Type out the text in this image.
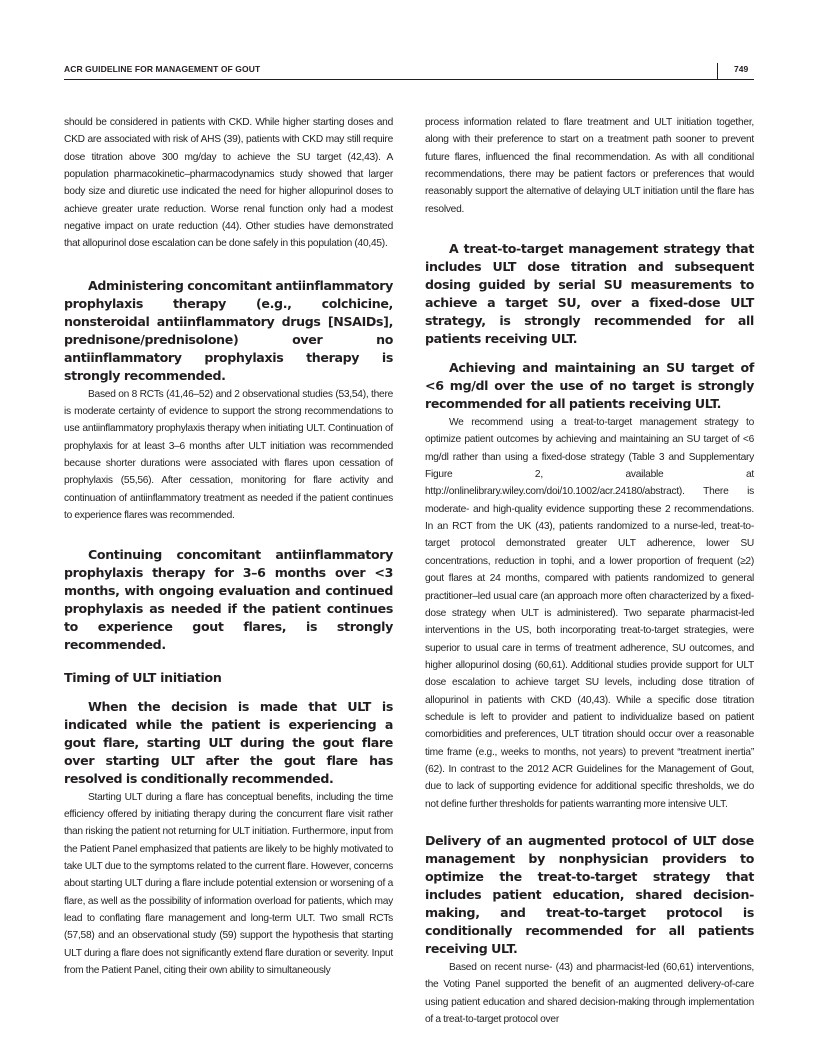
ACR GUIDELINE FOR MANAGEMENT OF GOUT	749

should be considered in patients with CKD. While higher starting doses and CKD are associated with risk of AHS (39), patients with CKD may still require dose titration above 300 mg/day to achieve the SU target (42,43). A population pharmacokinetic–pharmacodynamics study showed that larger body size and diuretic use indicated the need for higher allopurinol doses to achieve greater urate reduction. Worse renal function only had a modest negative impact on urate reduction (44). Other studies have demonstrated that allopurinol dose escalation can be done safely in this population (40,45).

Administering concomitant antiinflammatory prophylaxis therapy (e.g., colchicine, nonsteroidal antiinflammatory drugs [NSAIDs], prednisone/prednisolone) over no antiinflammatory prophylaxis therapy is strongly recommended.

Based on 8 RCTs (41,46–52) and 2 observational studies (53,54), there is moderate certainty of evidence to support the strong recommendations to use antiinflammatory prophylaxis therapy when initiating ULT. Continuation of prophylaxis for at least 3–6 months after ULT initiation was recommended because shorter durations were associated with flares upon cessation of prophylaxis (55,56). After cessation, monitoring for flare activity and continuation of antiinflammatory treatment as needed if the patient continues to experience flares was recommended.

Continuing concomitant antiinflammatory prophylaxis therapy for 3–6 months over <3 months, with ongoing evaluation and continued prophylaxis as needed if the patient continues to experience gout flares, is strongly recommended.

Timing of ULT initiation

When the decision is made that ULT is indicated while the patient is experiencing a gout flare, starting ULT during the gout flare over starting ULT after the gout flare has resolved is conditionally recommended.

Starting ULT during a flare has conceptual benefits, including the time efficiency offered by initiating therapy during the concurrent flare visit rather than risking the patient not returning for ULT initiation. Furthermore, input from the Patient Panel emphasized that patients are likely to be highly motivated to take ULT due to the symptoms related to the current flare. However, concerns about starting ULT during a flare include potential extension or worsening of a flare, as well as the possibility of information overload for patients, which may lead to conflating flare management and long-term ULT. Two small RCTs (57,58) and an observational study (59) support the hypothesis that starting ULT during a flare does not significantly extend flare duration or severity. Input from the Patient Panel, citing their own ability to simultaneously

process information related to flare treatment and ULT initiation together, along with their preference to start on a treatment path sooner to prevent future flares, influenced the final recommendation. As with all conditional recommendations, there may be patient factors or preferences that would reasonably support the alternative of delaying ULT initiation until the flare has resolved.

A treat-to-target management strategy that includes ULT dose titration and subsequent dosing guided by serial SU measurements to achieve a target SU, over a fixed-dose ULT strategy, is strongly recommended for all patients receiving ULT.

Achieving and maintaining an SU target of <6 mg/dl over the use of no target is strongly recommended for all patients receiving ULT.

We recommend using a treat-to-target management strategy to optimize patient outcomes by achieving and maintaining an SU target of <6 mg/dl rather than using a fixed-dose strategy (Table 3 and Supplementary Figure 2, available at http://onlinelibrary.wiley.com/doi/10.1002/acr.24180/abstract). There is moderate- and high-quality evidence supporting these 2 recommendations. In an RCT from the UK (43), patients randomized to a nurse-led, treat-to-target protocol demonstrated greater ULT adherence, lower SU concentrations, reduction in tophi, and a lower proportion of frequent (≥2) gout flares at 24 months, compared with patients randomized to general practitioner–led usual care (an approach more often characterized by a fixed-dose strategy when ULT is administered). Two separate pharmacist-led interventions in the US, both incorporating treat-to-target strategies, were superior to usual care in terms of treatment adherence, SU outcomes, and higher allopurinol dosing (60,61). Additional studies provide support for ULT dose escalation to achieve target SU levels, including dose titration of allopurinol in patients with CKD (40,43). While a specific dose titration schedule is left to provider and patient to individualize based on patient comorbidities and preferences, ULT titration should occur over a reasonable time frame (e.g., weeks to months, not years) to prevent “treatment inertia” (62). In contrast to the 2012 ACR Guidelines for the Management of Gout, due to lack of supporting evidence for additional specific thresholds, we do not define further thresholds for patients warranting more intensive ULT.

Delivery of an augmented protocol of ULT dose management by nonphysician providers to optimize the treat-to-target strategy that includes patient education, shared decision-making, and treat-to-target protocol is conditionally recommended for all patients receiving ULT.

Based on recent nurse- (43) and pharmacist-led (60,61) interventions, the Voting Panel supported the benefit of an augmented delivery-of-care using patient education and shared decision-making through implementation of a treat-to-target protocol over
